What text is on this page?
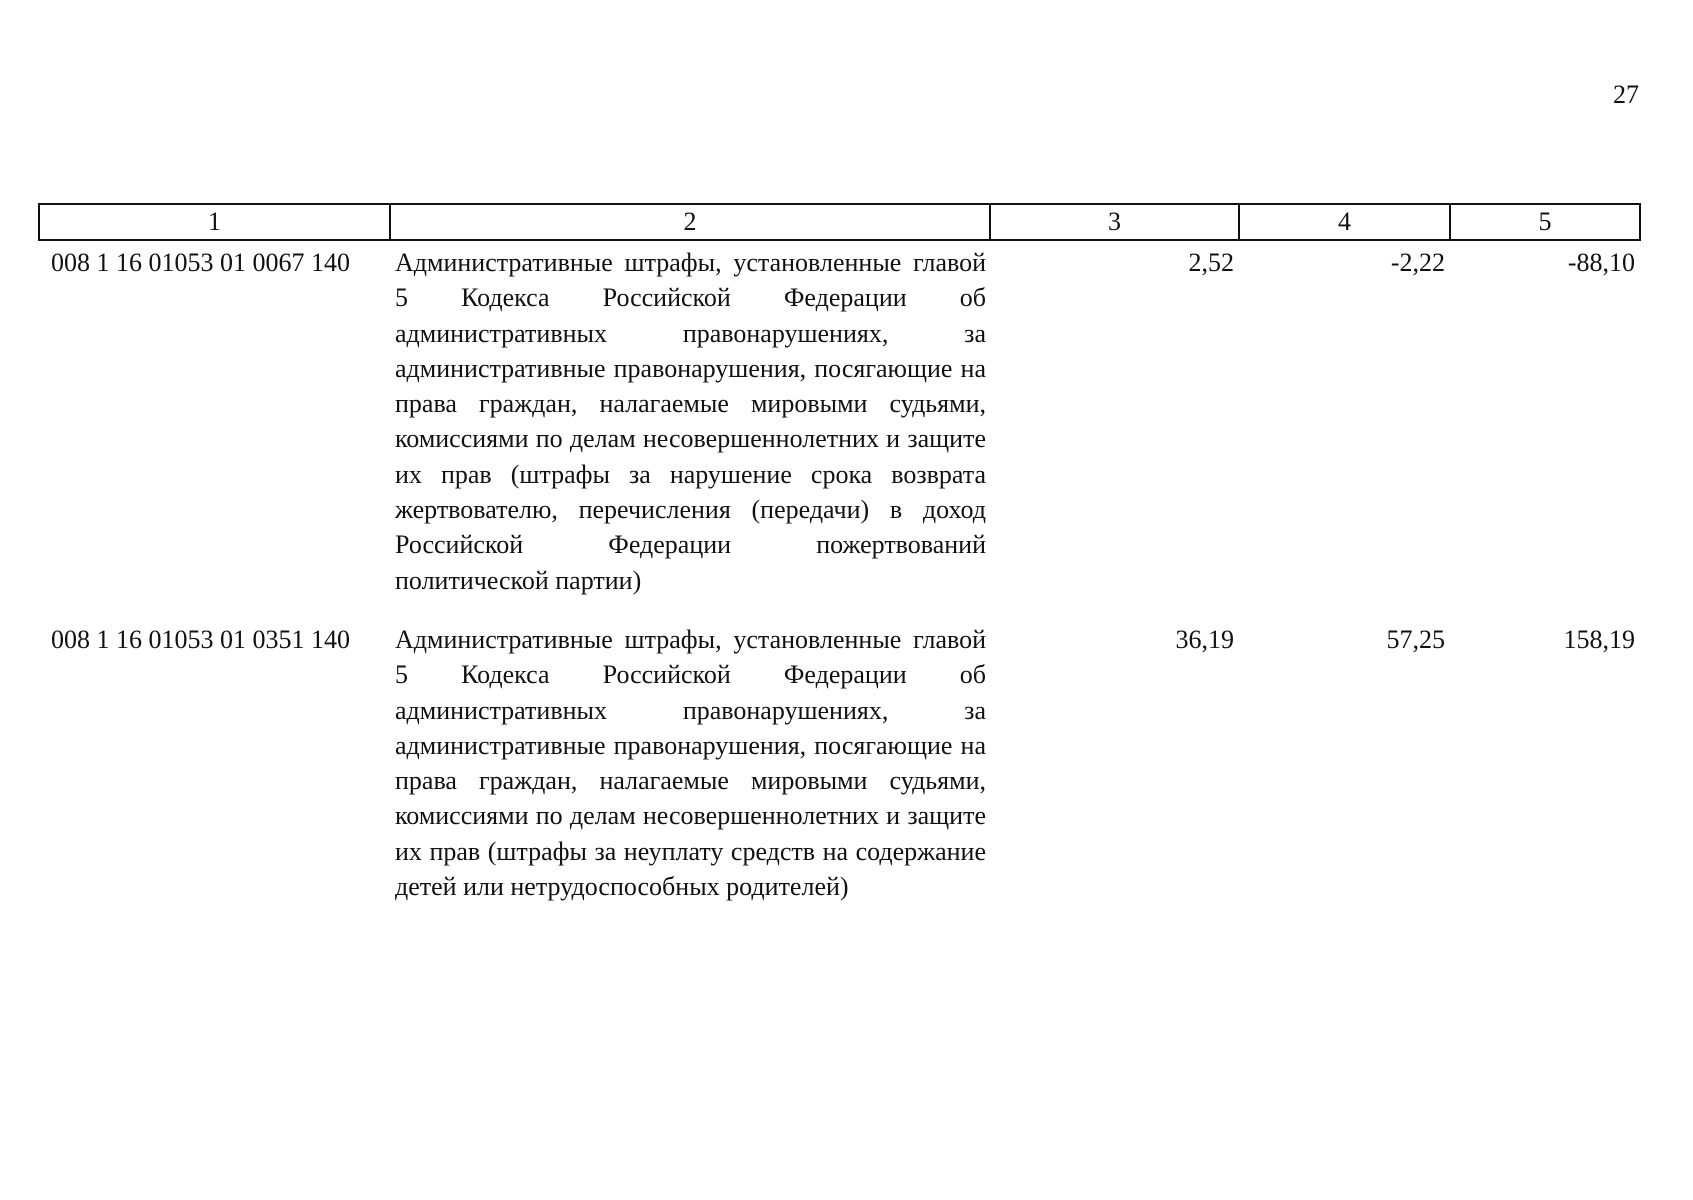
27
1	2	3	4	5
008 1 16 01053 01 0067 140	Административные штрафы, установленные главой 5 Кодекса Российской Федерации об административных правонарушениях, за административные правонарушения, посягающие на права граждан, налагаемые мировыми судьями, комиссиями по делам несовершеннолетних и защите их прав (штрафы за нарушение срока возврата жертвователю, перечисления (передачи) в доход Российской Федерации пожертвований политической партии)	2,52	-2,22	-88,10
008 1 16 01053 01 0351 140	Административные штрафы, установленные главой 5 Кодекса Российской Федерации об административных правонарушениях, за административные правонарушения, посягающие на права граждан, налагаемые мировыми судьями, комиссиями по делам несовершеннолетних и защите их прав (штрафы за неуплату средств на содержание детей или нетрудоспособных родителей)	36,19	57,25	158,19
